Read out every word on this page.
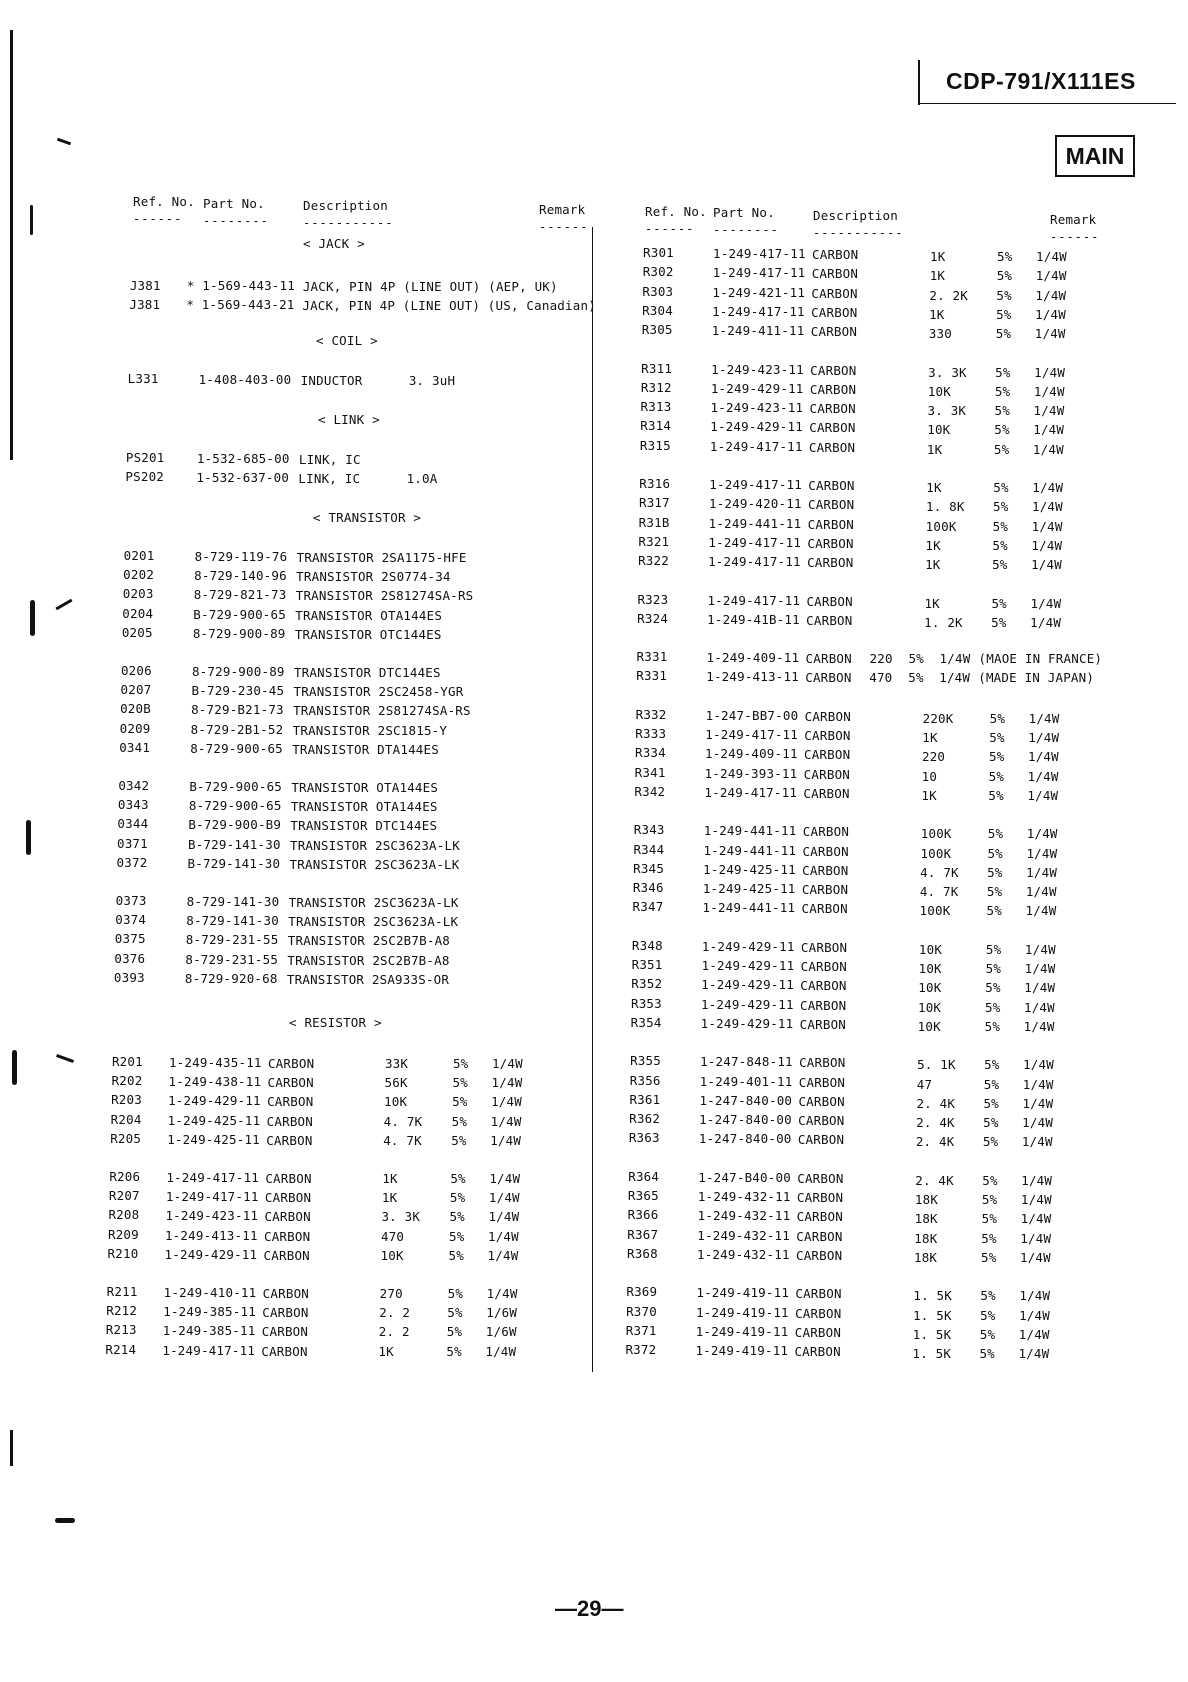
CDP-791/X111ES
MAIN
Ref. No. Part No.	Description	Remark
------ --------	-----------	------
Ref. No. Part No.	Description	Remark
------ --------	-----------	------
< JACK >
J381 * 1-569-443-11 JACK, PIN 4P (LINE OUT) (AEP, UK)
J381 * 1-569-443-21 JACK, PIN 4P (LINE OUT) (US, Canadian)
< COIL >
L331	1-408-403-00 INDUCTOR      3. 3uH
< LINK >
PS201	1-532-685-00 LINK, IC
PS202	1-532-637-00 LINK, IC      1.0A
< TRANSISTOR >
0201	8-729-119-76 TRANSISTOR 2SA1175-HFE
0202	8-729-140-96 TRANSISTOR 2S0774-34
0203	8-729-821-73 TRANSISTOR 2S81274SA-RS
0204	B-729-900-65 TRANSISTOR OTA144ES
0205	8-729-900-89 TRANSISTOR OTC144ES
0206	8-729-900-89 TRANSISTOR DTC144ES
0207	B-729-230-45 TRANSISTOR 2SC2458-YGR
020B	8-729-B21-73 TRANSISTOR 2S81274SA-RS
0209	8-729-2B1-52 TRANSISTOR 2SC1815-Y
0341	8-729-900-65 TRANSISTOR DTA144ES
0342	B-729-900-65 TRANSISTOR OTA144ES
0343	8-729-900-65 TRANSISTOR OTA144ES
0344	B-729-900-B9 TRANSISTOR DTC144ES
0371	B-729-141-30 TRANSISTOR 2SC3623A-LK
0372	B-729-141-30 TRANSISTOR 2SC3623A-LK
0373	8-729-141-30 TRANSISTOR 2SC3623A-LK
0374	8-729-141-30 TRANSISTOR 2SC3623A-LK
0375	8-729-231-55 TRANSISTOR 2SC2B7B-A8
0376	8-729-231-55 TRANSISTOR 2SC2B7B-A8
0393	8-729-920-68 TRANSISTOR 2SA933S-OR
< RESISTOR >
R201 1-249-435-11 CARBON	33K	5% 1/4W
R202 1-249-438-11 CARBON	56K	5% 1/4W
R203 1-249-429-11 CARBON	10K	5% 1/4W
R204 1-249-425-11 CARBON	4. 7K 5% 1/4W
R205 1-249-425-11 CARBON	4. 7K 5% 1/4W
R206 1-249-417-11 CARBON	1K	5% 1/4W
R207 1-249-417-11 CARBON	1K	5% 1/4W
R208 1-249-423-11 CARBON	3. 3K 5% 1/4W
R209 1-249-413-11 CARBON	470	5% 1/4W
R210 1-249-429-11 CARBON	10K	5% 1/4W
R211 1-249-410-11 CARBON	270	5% 1/4W
R212 1-249-385-11 CARBON	2. 2	5% 1/6W
R213 1-249-385-11 CARBON	2. 2	5% 1/6W
R214 1-249-417-11 CARBON	1K	5% 1/4W
R301	1-249-417-11 CARBON	1K	5% 1/4W
R302	1-249-417-11 CARBON	1K	5% 1/4W
R303	1-249-421-11 CARBON	2. 2K 5% 1/4W
R304	1-249-417-11 CARBON	1K	5% 1/4W
R305	1-249-411-11 CARBON	330	5% 1/4W
R311	1-249-423-11 CARBON	3. 3K 5% 1/4W
R312	1-249-429-11 CARBON	10K	5% 1/4W
R313	1-249-423-11 CARBON	3. 3K 5% 1/4W
R314	1-249-429-11 CARBON	10K	5% 1/4W
R315	1-249-417-11 CARBON	1K	5% 1/4W
R316	1-249-417-11 CARBON	1K	5% 1/4W
R317	1-249-420-11 CARBON	1. 8K 5% 1/4W
R31B	1-249-441-11 CARBON	100K	5% 1/4W
R321	1-249-417-11 CARBON	1K	5% 1/4W
R322	1-249-417-11 CARBON	1K	5% 1/4W
R323	1-249-417-11 CARBON	1K	5% 1/4W
R324	1-249-41B-11 CARBON	1. 2K 5% 1/4W
R331	1-249-409-11 CARBON 220 5% 1/4W (MAOE IN FRANCE)
R331	1-249-413-11 CARBON 470 5% 1/4W (MADE IN JAPAN)
R332	1-247-BB7-00 CARBON	220K	5% 1/4W
R333	1-249-417-11 CARBON	1K	5% 1/4W
R334	1-249-409-11 CARBON	220	5% 1/4W
R341	1-249-393-11 CARBON	10	5% 1/4W
R342	1-249-417-11 CARBON	1K	5% 1/4W
R343	1-249-441-11 CARBON	100K	5% 1/4W
R344	1-249-441-11 CARBON	100K	5% 1/4W
R345	1-249-425-11 CARBON	4. 7K 5% 1/4W
R346	1-249-425-11 CARBON	4. 7K 5% 1/4W
R347	1-249-441-11 CARBON	100K	5% 1/4W
R348	1-249-429-11 CARBON	10K	5% 1/4W
R351	1-249-429-11 CARBON	10K	5% 1/4W
R352	1-249-429-11 CARBON	10K	5% 1/4W
R353	1-249-429-11 CARBON	10K	5% 1/4W
R354	1-249-429-11 CARBON	10K	5% 1/4W
R355	1-247-848-11 CARBON	5. 1K 5% 1/4W
R356	1-249-401-11 CARBON	47	5% 1/4W
R361	1-247-840-00 CARBON	2. 4K 5% 1/4W
R362	1-247-840-00 CARBON	2. 4K 5% 1/4W
R363	1-247-840-00 CARBON	2. 4K 5% 1/4W
R364	1-247-B40-00 CARBON	2. 4K 5% 1/4W
R365	1-249-432-11 CARBON	18K	5% 1/4W
R366	1-249-432-11 CARBON	18K	5% 1/4W
R367	1-249-432-11 CARBON	18K	5% 1/4W
R368	1-249-432-11 CARBON	18K	5% 1/4W
R369	1-249-419-11 CARBON	1. 5K 5% 1/4W
R370	1-249-419-11 CARBON	1. 5K 5% 1/4W
R371	1-249-419-11 CARBON	1. 5K 5% 1/4W
R372	1-249-419-11 CARBON	1. 5K 5% 1/4W
—29—
